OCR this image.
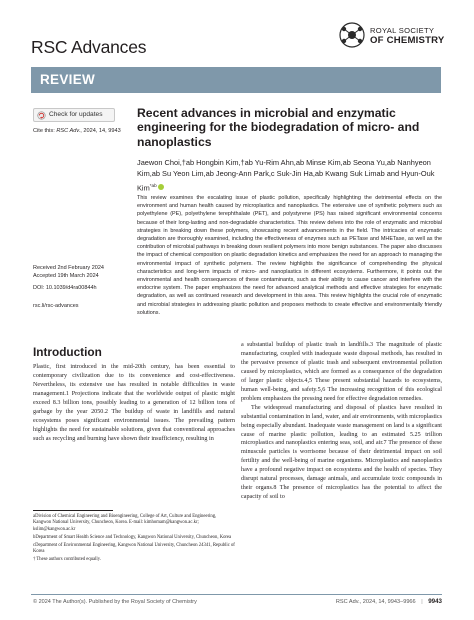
RSC Advances
ROYAL SOCIETY
OF CHEMISTRY
REVIEW
Check for updates
Cite this: RSC Adv., 2024, 14, 9943
Recent advances in microbial and enzymatic engineering for the biodegradation of micro- and nanoplastics
Jaewon Choi,†ab Hongbin Kim,†ab Yu-Rim Ahn,ab Minse Kim,ab Seona Yu,ab Nanhyeon Kim,ab Su Yeon Lim,ab Jeong-Ann Park,c Suk-Jin Ha,ab Kwang Suk Limab and Hyun-Ouk Kim$^{*ab}$
This review examines the escalating issue of plastic pollution, specifically highlighting the detrimental effects on the environment and human health caused by microplastics and nanoplastics. The extensive use of synthetic polymers such as polyethylene (PE), polyethylene terephthalate (PET), and polystyrene (PS) has raised significant environmental concerns because of their long-lasting and non-degradable characteristics. This review delves into the role of enzymatic and microbial strategies in breaking down these polymers, showcasing recent advancements in the field. The intricacies of enzymatic degradation are thoroughly examined, including the effectiveness of enzymes such as PETase and MHETase, as well as the contribution of microbial pathways in breaking down resilient polymers into more benign substances. The paper also discusses the impact of chemical composition on plastic degradation kinetics and emphasizes the need for an approach to managing the environmental impact of synthetic polymers. The review highlights the significance of comprehending the physical characteristics and long-term impacts of micro- and nanoplastics in different ecosystems. Furthermore, it points out the environmental and health consequences of these contaminants, such as their ability to cause cancer and interfere with the endocrine system. The paper emphasizes the need for advanced analytical methods and effective strategies for enzymatic degradation, as well as continued research and development in this area. This review highlights the crucial role of enzymatic and microbial strategies in addressing plastic pollution and proposes methods to create effective and environmentally friendly solutions.
Received 2nd February 2024
Accepted 19th March 2024
DOI: 10.1039/d4ra00844h
rsc.li/rsc-advances
Introduction

Plastic, first introduced in the mid-20th century, has been essential to contemporary civilization due to its convenience and cost-effectiveness. Nevertheless, its extensive use has resulted in notable difficulties in waste management.1 Projections indicate that the worldwide output of plastic might exceed 8.3 billion tons, possibly leading to a generation of 12 billion tons of garbage by the year 2050.2 The buildup of waste in landfills and natural ecosystems poses significant environmental issues. The prevailing pattern highlights the need for sustainable solutions, given that conventional approaches such as recycling and burning have shown their insufficiency, resulting in

a substantial buildup of plastic trash in landfills.3 The magnitude of plastic manufacturing, coupled with inadequate waste disposal methods, has resulted in the pervasive presence of plastic trash and subsequent environmental pollution caused by microplastics, which are formed as a consequence of the degradation of larger plastic objects.4,5 These present substantial hazards to ecosystems, human well-being, and safety.5,6 The increasing recognition of this ecological problem emphasizes the pressing need for effective degradation remedies.

The widespread manufacturing and disposal of plastics have resulted in substantial contamination in land, water, and air environments, with microplastics being especially abundant. Inadequate waste management on land is a significant cause of marine plastic pollution, leading to an estimated 5.25 trillion microplastics and nanoplastics entering seas, soil, and air.7 The presence of these minuscule particles is worrisome because of their detrimental impact on soil fertility and the well-being of marine organisms. Microplastics and nanoplastics have a profound negative impact on ecosystems and the health of species. They disrupt natural processes, damage animals, and accumulate toxic compounds in their organs.8 The presence of microplastics has the potential to affect the capacity of soil to

aDivision of Chemical Engineering and Bioengineering, College of Art, Culture and Engineering, Kangwon National University, Chuncheon, Korea. E-mail: kimhomam@kangwon.ac.kr; kslim@kangwon.ac.kr

bDepartment of Smart Health Science and Technology, Kangwon National University, Chuncheon, Korea

cDepartment of Environmental Engineering, Kangwon National University, Chuncheon 24341, Republic of Korea

† These authors contributed equally.

© 2024 The Author(s). Published by the Royal Society of Chemistry	RSC Adv., 2024, 14, 9943–9966 | 9943
